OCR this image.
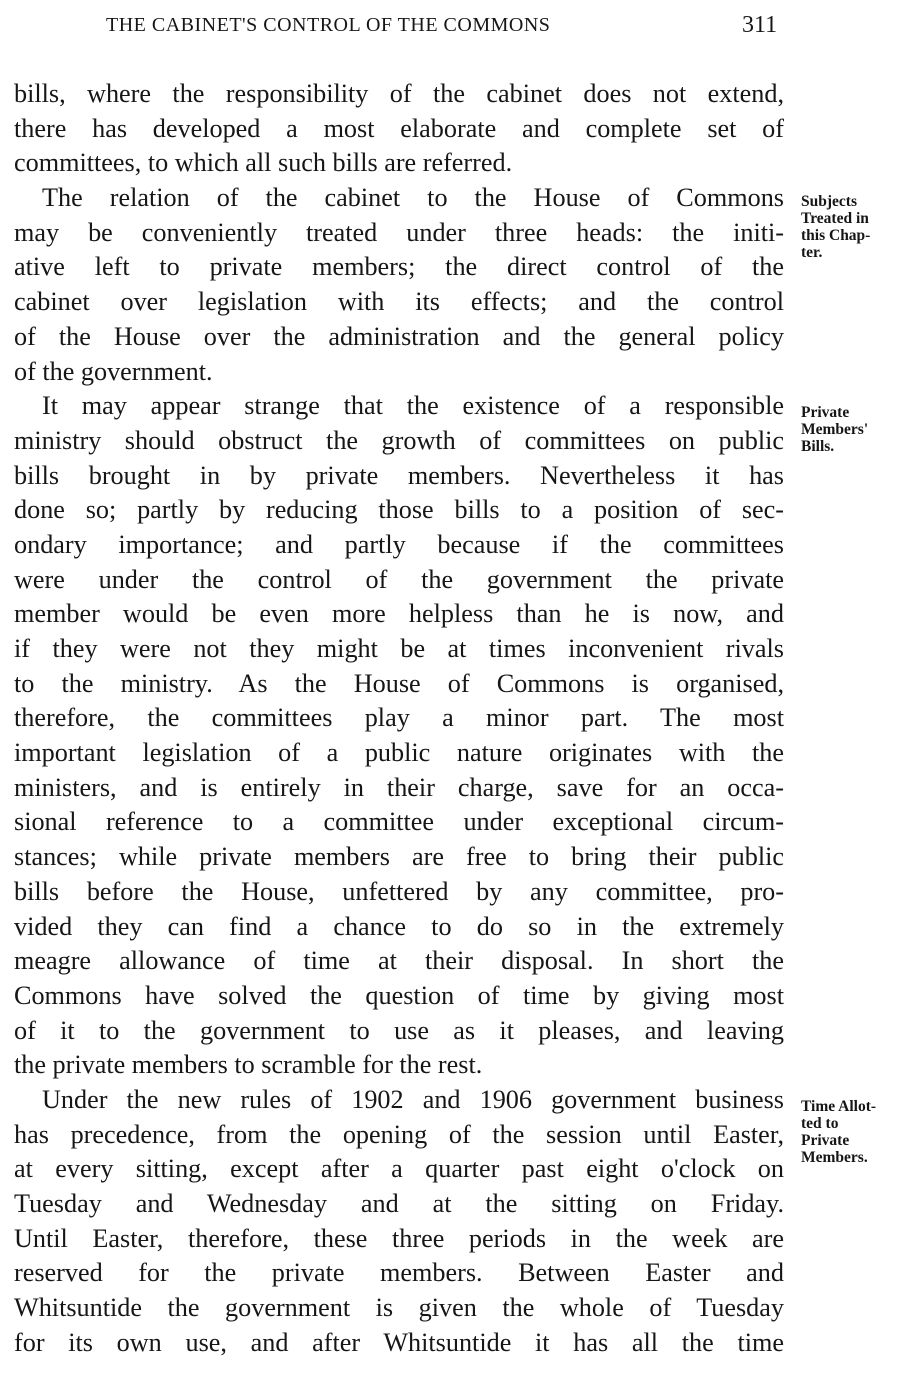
THE CABINET'S CONTROL OF THE COMMONS	311
bills, where the responsibility of the cabinet does not extend,
there has developed a most elaborate and complete set of
committees, to which all such bills are referred.
The relation of the cabinet to the House of Commons
may be conveniently treated under three heads: the initi-
ative left to private members; the direct control of the
cabinet over legislation with its effects; and the control
of the House over the administration and the general policy
of the government.
It may appear strange that the existence of a responsible
ministry should obstruct the growth of committees on public
bills brought in by private members. Nevertheless it has
done so; partly by reducing those bills to a position of sec-
ondary importance; and partly because if the committees
were under the control of the government the private
member would be even more helpless than he is now, and
if they were not they might be at times inconvenient rivals
to the ministry. As the House of Commons is organised,
therefore, the committees play a minor part. The most
important legislation of a public nature originates with the
ministers, and is entirely in their charge, save for an occa-
sional reference to a committee under exceptional circum-
stances; while private members are free to bring their public
bills before the House, unfettered by any committee, pro-
vided they can find a chance to do so in the extremely
meagre allowance of time at their disposal. In short the
Commons have solved the question of time by giving most
of it to the government to use as it pleases, and leaving
the private members to scramble for the rest.
Under the new rules of 1902 and 1906 government business
has precedence, from the opening of the session until Easter,
at every sitting, except after a quarter past eight o'clock on
Tuesday and Wednesday and at the sitting on Friday.
Until Easter, therefore, these three periods in the week are
reserved for the private members. Between Easter and
Whitsuntide the government is given the whole of Tuesday
for its own use, and after Whitsuntide it has all the time
Subjects
Treated in
this Chap-
ter.
Private
Members'
Bills.
Time Allot-
ted to
Private
Members.
